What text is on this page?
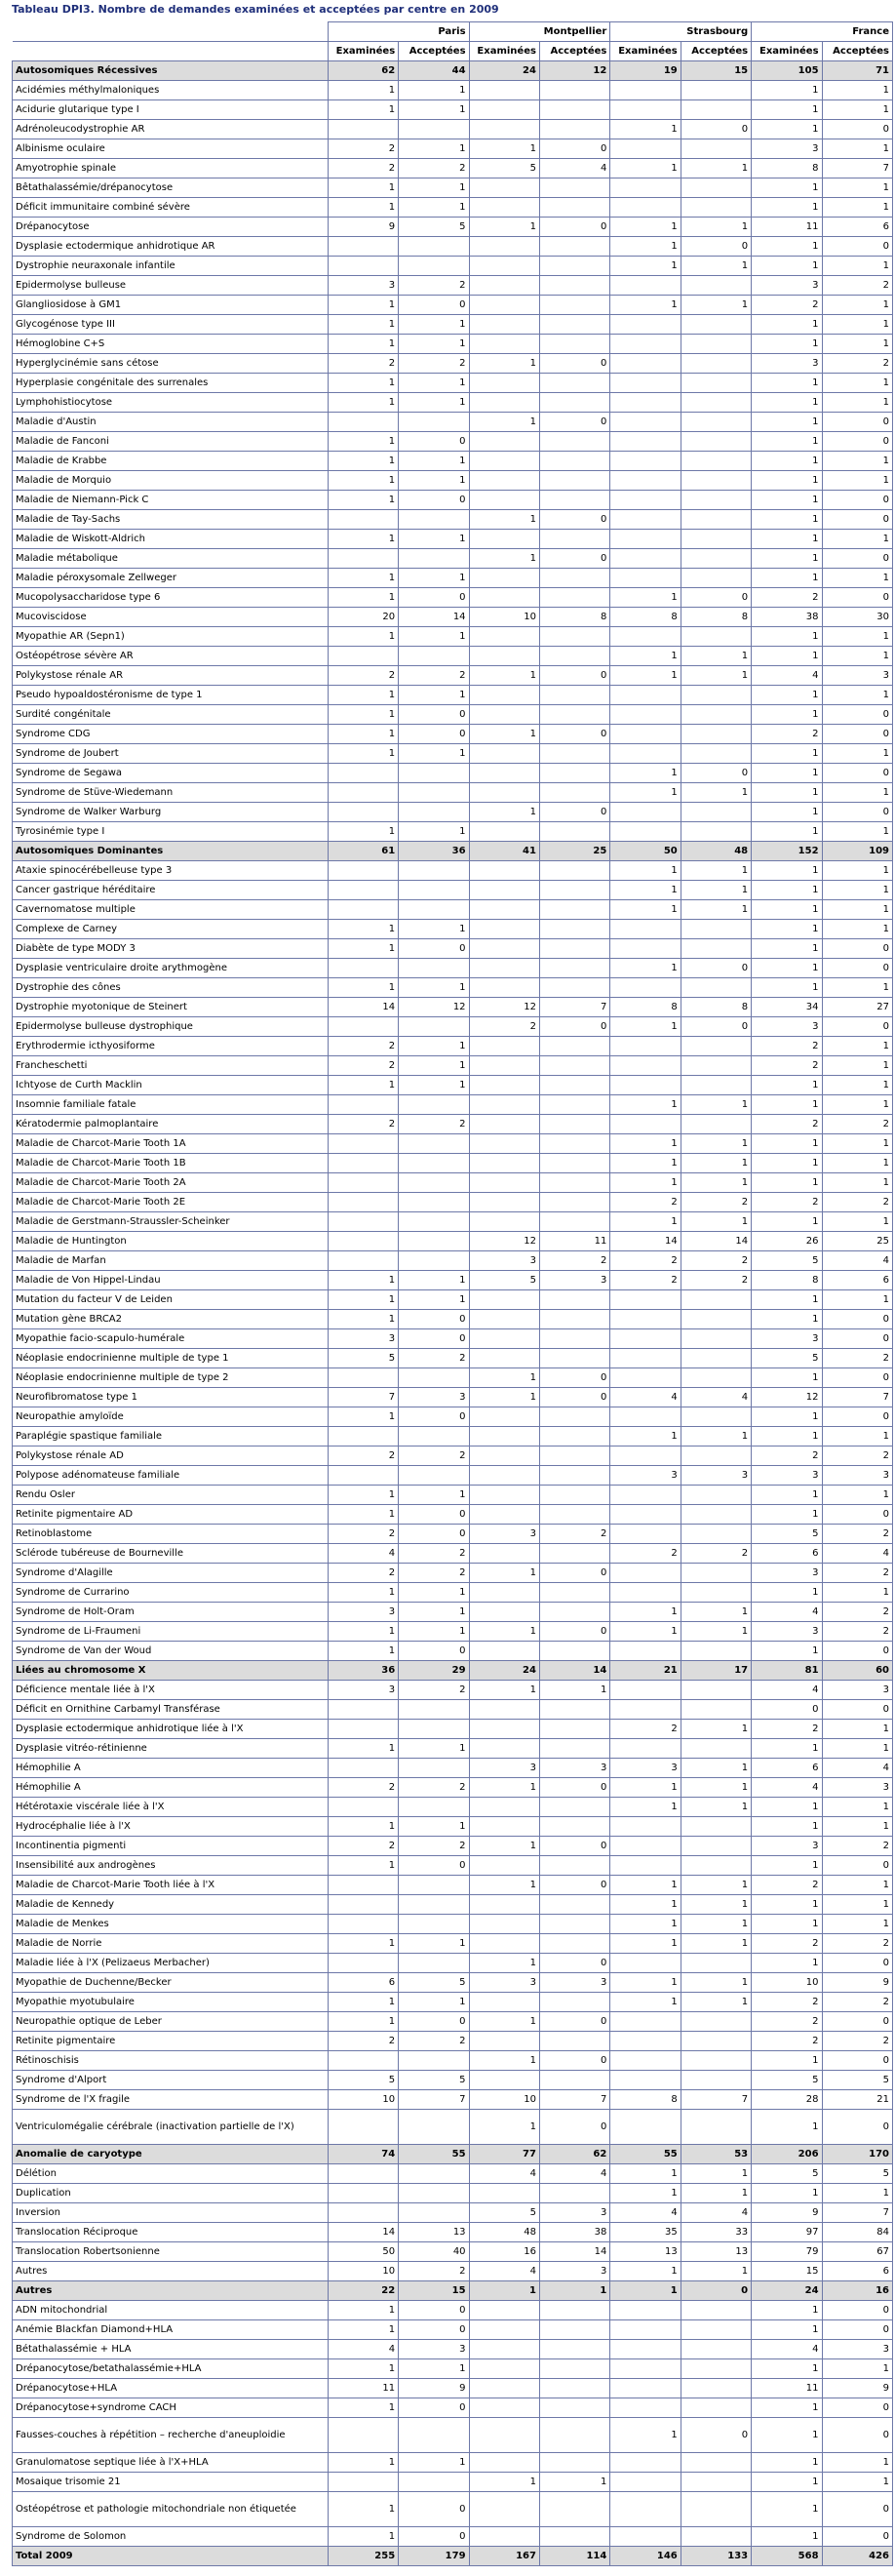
Tableau DPI3. Nombre de demandes examinées et acceptées par centre en 2009
	Paris		Montpellier		Strasbourg		France	
	Examinées	Acceptées	Examinées	Acceptées	Examinées	Acceptées	Examinées	Acceptées
Autosomiques Récessives	62	44	24	12	19	15	105	71
Acidémies méthylmaloniques	1	1					1	1
Acidurie glutarique type I	1	1					1	1
Adrénoleucodystrophie AR					1	0	1	0
Albinisme oculaire	2	1	1	0			3	1
Amyotrophie spinale	2	2	5	4	1	1	8	7
Bêtathalassémie/drépanocytose	1	1					1	1
Déficit immunitaire combiné sévère	1	1					1	1
Drépanocytose	9	5	1	0	1	1	11	6
Dysplasie ectodermique anhidrotique AR					1	0	1	0
Dystrophie neuraxonale infantile					1	1	1	1
Epidermolyse bulleuse	3	2					3	2
Glangliosidose à GM1	1	0			1	1	2	1
Glycogénose type III	1	1					1	1
Hémoglobine C+S	1	1					1	1
Hyperglycinémie sans cétose	2	2	1	0			3	2
Hyperplasie congénitale des surrenales	1	1					1	1
Lymphohistiocytose	1	1					1	1
Maladie d'Austin			1	0			1	0
Maladie de Fanconi	1	0					1	0
Maladie de Krabbe	1	1					1	1
Maladie de Morquio	1	1					1	1
Maladie de Niemann-Pick C	1	0					1	0
Maladie de Tay-Sachs			1	0			1	0
Maladie de Wiskott-Aldrich	1	1					1	1
Maladie métabolique			1	0			1	0
Maladie péroxysomale Zellweger	1	1					1	1
Mucopolysaccharidose type 6	1	0			1	0	2	0
Mucoviscidose	20	14	10	8	8	8	38	30
Myopathie AR (Sepn1)	1	1					1	1
Ostéopétrose sévère AR					1	1	1	1
Polykystose rénale AR	2	2	1	0	1	1	4	3
Pseudo hypoaldostéronisme de type 1	1	1					1	1
Surdité congénitale	1	0					1	0
Syndrome CDG	1	0	1	0			2	0
Syndrome de Joubert	1	1					1	1
Syndrome de Segawa					1	0	1	0
Syndrome de Stüve-Wiedemann					1	1	1	1
Syndrome de Walker Warburg			1	0			1	0
Tyrosinémie type I	1	1					1	1
Autosomiques Dominantes	61	36	41	25	50	48	152	109
Ataxie spinocérébelleuse type 3					1	1	1	1
Cancer gastrique héréditaire					1	1	1	1
Cavernomatose multiple					1	1	1	1
Complexe de Carney	1	1					1	1
Diabète de type MODY 3	1	0					1	0
Dysplasie ventriculaire droite arythmogène					1	0	1	0
Dystrophie des cônes	1	1					1	1
Dystrophie myotonique de Steinert	14	12	12	7	8	8	34	27
Epidermolyse bulleuse dystrophique			2	0	1	0	3	0
Erythrodermie icthyosiforme	2	1					2	1
Francheschetti	2	1					2	1
Ichtyose de Curth Macklin	1	1					1	1
Insomnie familiale fatale					1	1	1	1
Kératodermie palmoplantaire	2	2					2	2
Maladie de Charcot-Marie Tooth 1A					1	1	1	1
Maladie de Charcot-Marie Tooth 1B					1	1	1	1
Maladie de Charcot-Marie Tooth 2A					1	1	1	1
Maladie de Charcot-Marie Tooth 2E					2	2	2	2
Maladie de Gerstmann-Straussler-Scheinker					1	1	1	1
Maladie de Huntington			12	11	14	14	26	25
Maladie de Marfan			3	2	2	2	5	4
Maladie de Von Hippel-Lindau	1	1	5	3	2	2	8	6
Mutation du facteur V de Leiden	1	1					1	1
Mutation gène BRCA2	1	0					1	0
Myopathie facio-scapulo-humérale	3	0					3	0
Néoplasie endocrinienne multiple de type 1	5	2					5	2
Néoplasie endocrinienne multiple de type 2			1	0			1	0
Neurofibromatose type 1	7	3	1	0	4	4	12	7
Neuropathie amyloïde	1	0					1	0
Paraplégie spastique familiale					1	1	1	1
Polykystose rénale AD	2	2					2	2
Polypose adénomateuse familiale					3	3	3	3
Rendu Osler	1	1					1	1
Retinite pigmentaire AD	1	0					1	0
Retinoblastome	2	0	3	2			5	2
Sclérode tubéreuse de Bourneville	4	2			2	2	6	4
Syndrome d'Alagille	2	2	1	0			3	2
Syndrome de Currarino	1	1					1	1
Syndrome de Holt-Oram	3	1			1	1	4	2
Syndrome de Li-Fraumeni	1	1	1	0	1	1	3	2
Syndrome de Van der Woud	1	0					1	0
Liées au chromosome X	36	29	24	14	21	17	81	60
Déficience mentale liée à l'X	3	2	1	1			4	3
Déficit en Ornithine Carbamyl Transférase							0	0
Dysplasie ectodermique anhidrotique liée à l'X					2	1	2	1
Dysplasie vitréo-rétinienne	1	1					1	1
Hémophilie A			3	3	3	1	6	4
Hémophilie A	2	2	1	0	1	1	4	3
Hétérotaxie viscérale liée à l'X					1	1	1	1
Hydrocéphalie liée à l'X	1	1					1	1
Incontinentia pigmenti	2	2	1	0			3	2
Insensibilité aux androgènes	1	0					1	0
Maladie de Charcot-Marie Tooth liée à l'X			1	0	1	1	2	1
Maladie de Kennedy					1	1	1	1
Maladie de Menkes					1	1	1	1
Maladie de Norrie	1	1			1	1	2	2
Maladie liée à l'X (Pelizaeus Merbacher)			1	0			1	0
Myopathie de Duchenne/Becker	6	5	3	3	1	1	10	9
Myopathie myotubulaire	1	1			1	1	2	2
Neuropathie optique de Leber	1	0	1	0			2	0
Retinite pigmentaire	2	2					2	2
Rétinoschisis			1	0			1	0
Syndrome d'Alport	5	5					5	5
Syndrome de l'X fragile	10	7	10	7	8	7	28	21
Ventriculomégalie cérébrale (inactivation partielle de l'X)			1	0			1	0
Anomalie de caryotype	74	55	77	62	55	53	206	170
Délétion			4	4	1	1	5	5
Duplication					1	1	1	1
Inversion			5	3	4	4	9	7
Translocation Réciproque	14	13	48	38	35	33	97	84
Translocation Robertsonienne	50	40	16	14	13	13	79	67
Autres	10	2	4	3	1	1	15	6
Autres	22	15	1	1	1	0	24	16
ADN mitochondrial	1	0					1	0
Anémie Blackfan Diamond+HLA	1	0					1	0
Bétathalassémie + HLA	4	3					4	3
Drépanocytose/betathalassémie+HLA	1	1					1	1
Drépanocytose+HLA	11	9					11	9
Drépanocytose+syndrome CACH	1	0					1	0
Fausses-couches à répétition – recherche d'aneuploidie					1	0	1	0
Granulomatose septique liée à l'X+HLA	1	1					1	1
Mosaique trisomie 21			1	1			1	1
Ostéopétrose et pathologie mitochondriale non étiquetée	1	0					1	0
Syndrome de Solomon	1	0					1	0
Total 2009	255	179	167	114	146	133	568	426
